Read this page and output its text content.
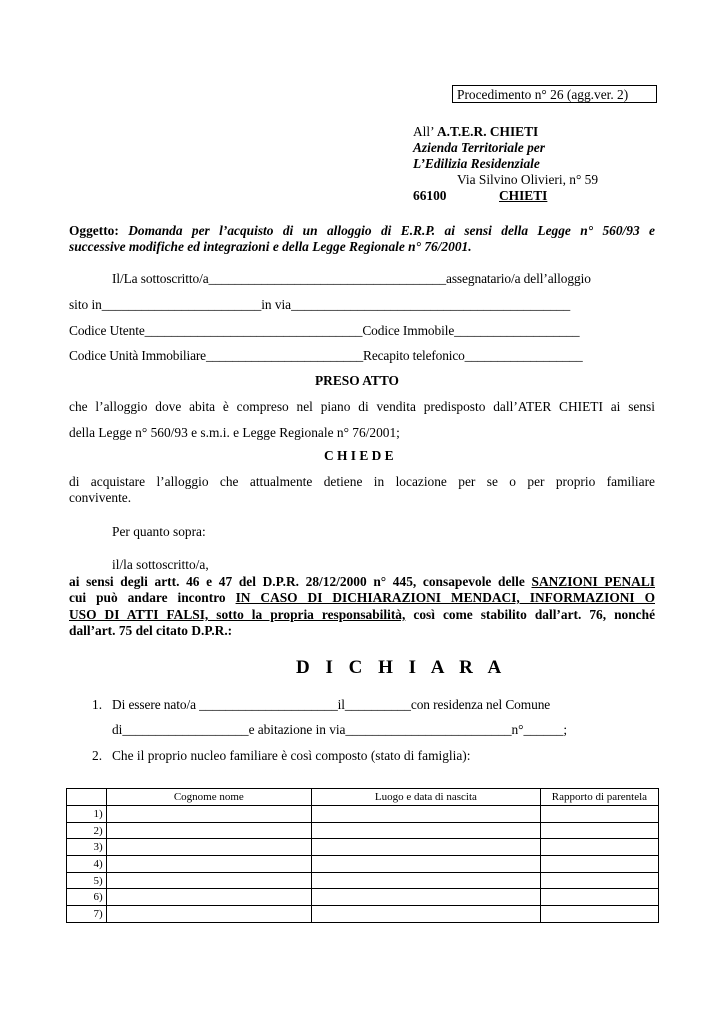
Procedimento n° 26 (agg.ver. 2)
All’ A.T.E.R. CHIETI
Azienda Territoriale per
L’Edilizia Residenziale
Via Silvino Olivieri, n° 59
66100	CHIETI
Oggetto: Domanda per l’acquisto di un alloggio di E.R.P. ai sensi della Legge n° 560/93 e
successive modifiche ed integrazioni e della Legge Regionale n° 76/2001.
Il/La sottoscritto/a____________________________________assegnatario/a dell’alloggio
sito in________________________in via__________________________________________
Codice Utente_________________________________Codice Immobile___________________
Codice Unità Immobiliare________________________Recapito telefonico__________________
PRESO ATTO
che l’alloggio dove abita è compreso nel piano di vendita predisposto dall’ATER CHIETI ai sensi
della Legge n° 560/93 e s.m.i. e Legge Regionale n° 76/2001;
C H I E D E
di acquistare l’alloggio che attualmente detiene in locazione per se o per proprio familiare
convivente.
Per quanto sopra:
il/la sottoscritto/a,
ai sensi degli artt. 46 e 47 del D.P.R. 28/12/2000 n° 445, consapevole delle SANZIONI PENALI
cui può andare incontro IN CASO DI DICHIARAZIONI MENDACI, INFORMAZIONI O
USO DI ATTI FALSI, sotto la propria responsabilità, così come stabilito dall’art. 76, nonché
dall’art. 75 del citato D.P.R.:
D I C H I A R A
1. Di essere nato/a _____________________il__________con residenza nel Comune
di___________________e abitazione in via_________________________n°______;
2. Che il proprio nucleo familiare è così composto (stato di famiglia):
	Cognome nome	Luogo e data di nascita	Rapporto di parentela
1)			
2)			
3)			
4)			
5)			
6)			
7)			
